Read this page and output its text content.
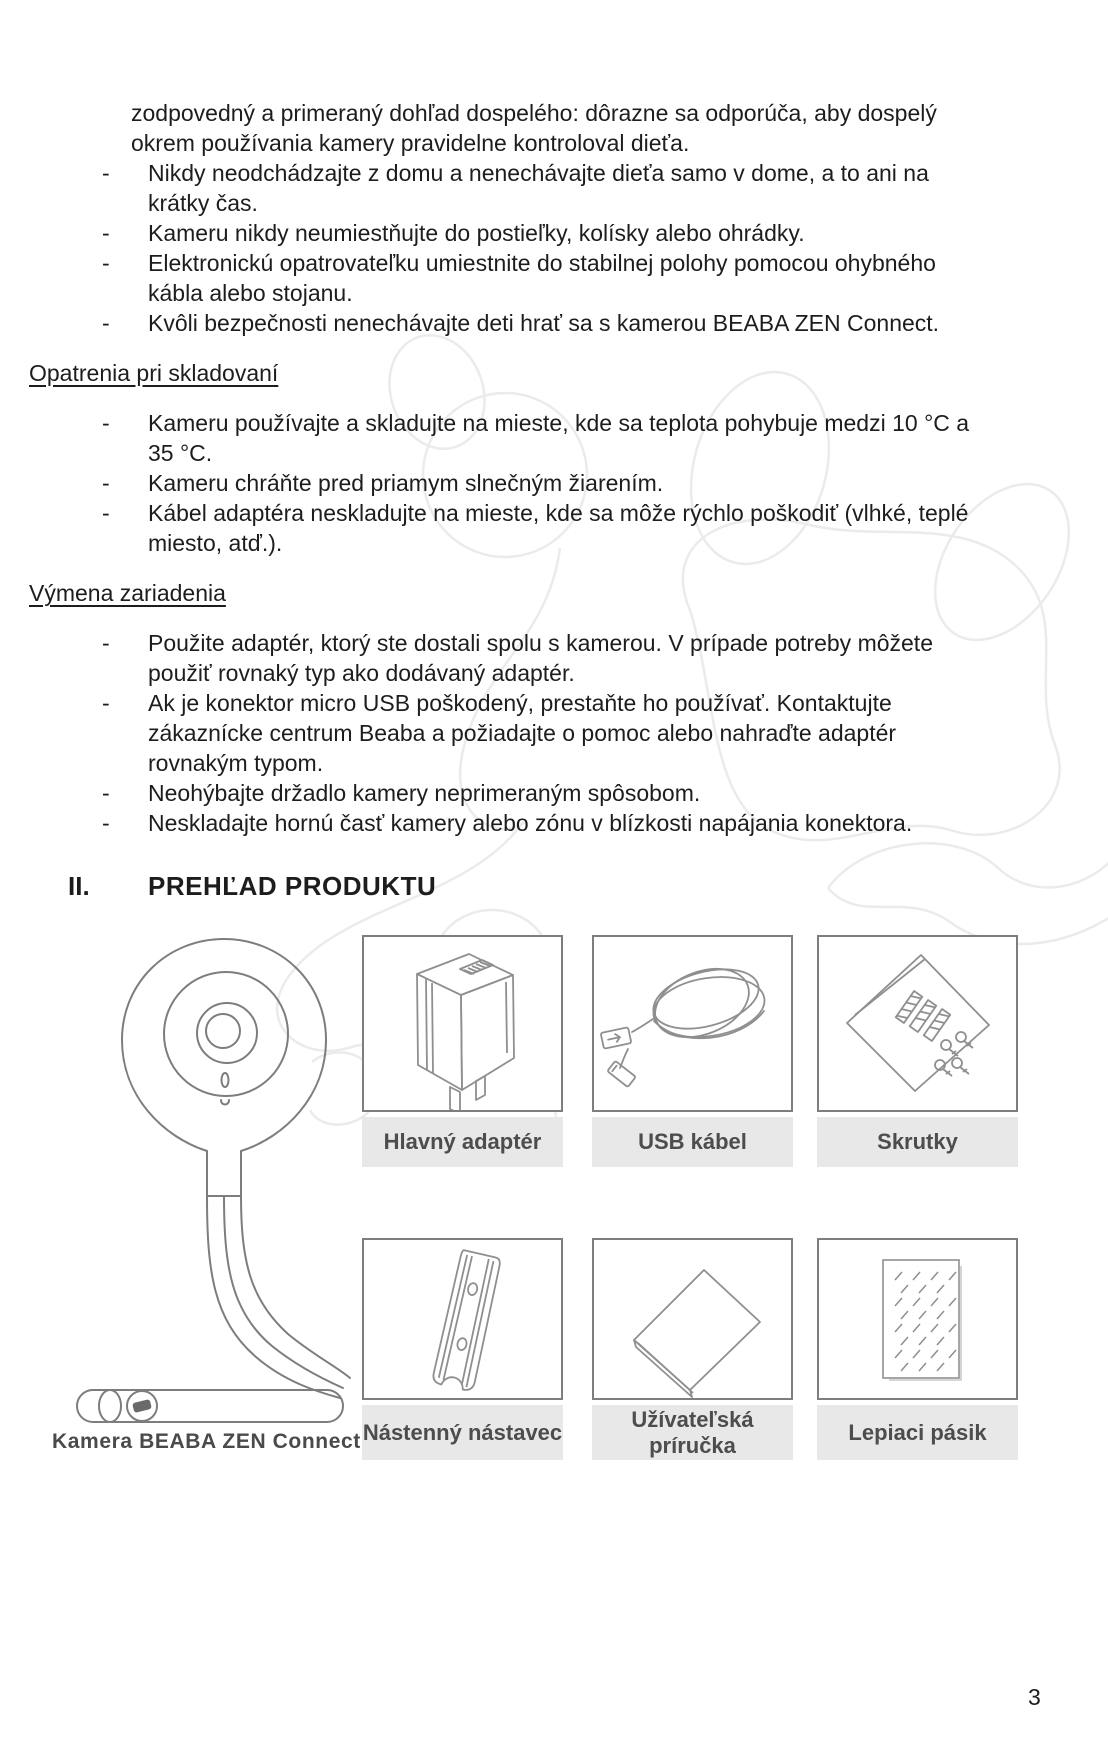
zodpovedný a primeraný dohľad dospelého: dôrazne sa odporúča, aby dospelý
okrem používania kamery pravidelne kontroloval dieťa.
- Nikdy neodchádzajte z domu a nenechávajte dieťa samo v dome, a to ani na
krátky čas.
- Kameru nikdy neumiestňujte do postieľky, kolísky alebo ohrádky.
- Elektronickú opatrovateľku umiestnite do stabilnej polohy pomocou ohybného
kábla alebo stojanu.
- Kvôli bezpečnosti nenechávajte deti hrať sa s kamerou BEABA ZEN Connect.
Opatrenia pri skladovaní
- Kameru používajte a skladujte na mieste, kde sa teplota pohybuje medzi 10 °C a
35 °C.
- Kameru chráňte pred priamym slnečným žiarením.
- Kábel adaptéra neskladujte na mieste, kde sa môže rýchlo poškodiť (vlhké, teplé
miesto, atď.).
Výmena zariadenia
- Použite adaptér, ktorý ste dostali spolu s kamerou. V prípade potreby môžete
použiť rovnaký typ ako dodávaný adaptér.
- Ak je konektor micro USB poškodený, prestaňte ho používať. Kontaktujte
zákaznícke centrum Beaba a požiadajte o pomoc alebo nahraďte adaptér
rovnakým typom.
- Neohýbajte držadlo kamery neprimeraným spôsobom.
- Neskladajte hornú časť kamery alebo zónu v blízkosti napájania konektora.
II. PREHĽAD PRODUKTU
Kamera BEABA ZEN Connect
Hlavný adaptér	USB kábel	Skrutky
Nástenný nástavec
Užívateľská príručka
Lepiaci pásik
3
